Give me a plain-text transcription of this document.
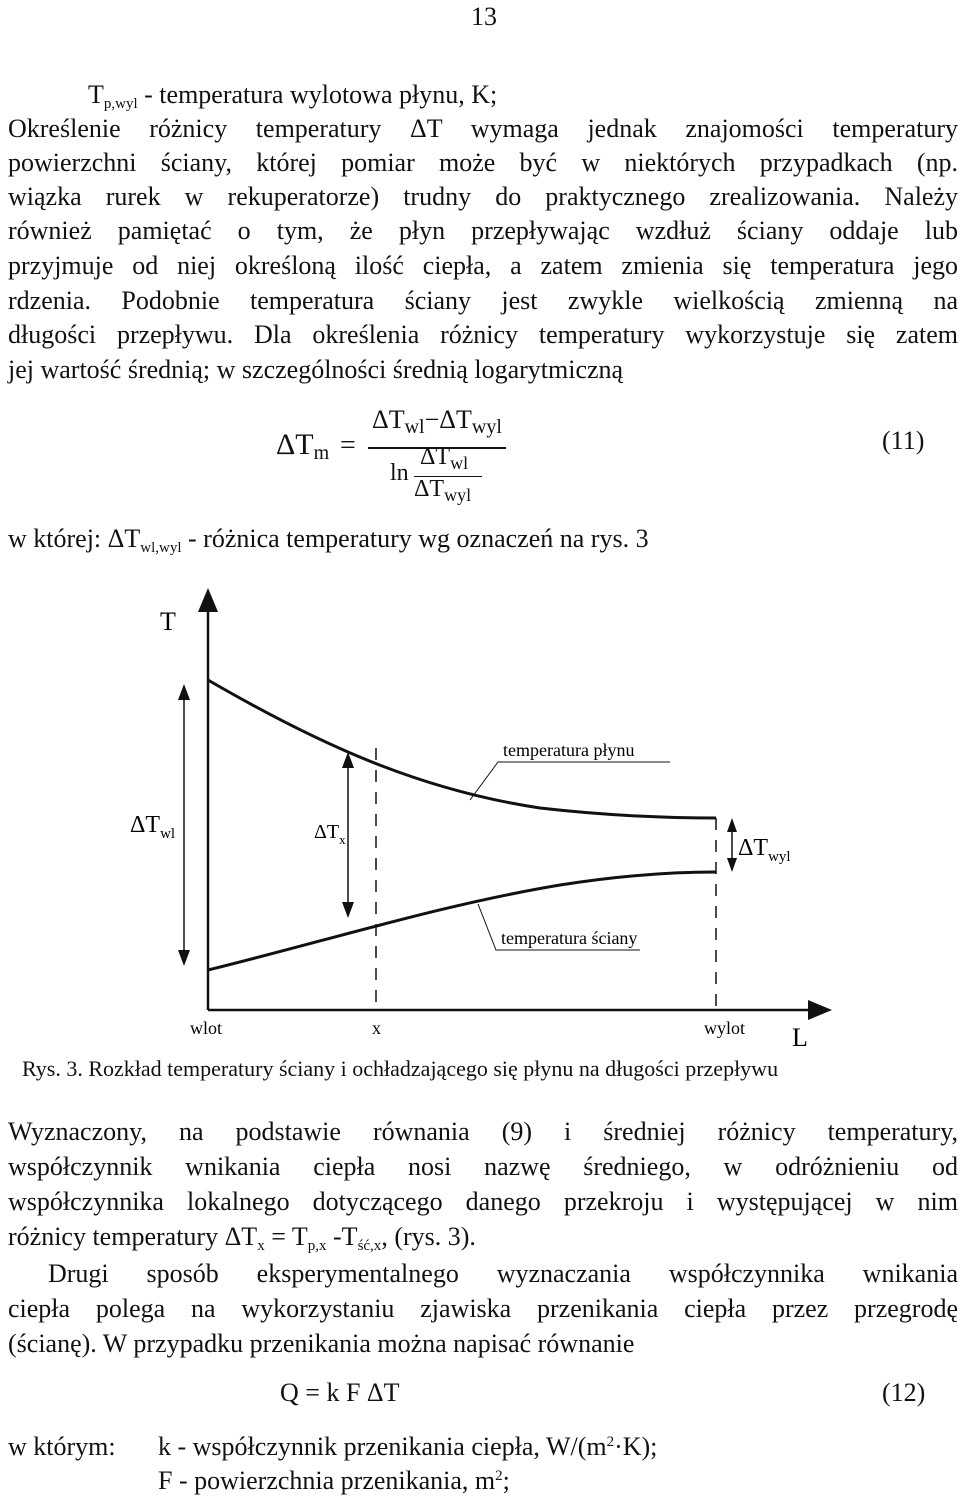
13
$T_{p,wyl}$ - temperatura wylotowa płynu, K;
Określenie różnicy temperatury ΔT wymaga jednak znajomości temperatury
powierzchni ściany, której pomiar może być w niektórych przypadkach (np.
wiązka rurek w rekuperatorze) trudny do praktycznego zrealizowania. Należy
również pamiętać o tym, że płyn przepływając wzdłuż ściany oddaje lub
przyjmuje od niej określoną ilość ciepła, a zatem zmienia się temperatura jego
rdzenia. Podobnie temperatura ściany jest zwykle wielkością zmienną na
długości przepływu. Dla określenia różnicy temperatury wykorzystuje się zatem
jej wartość średnią; w szczególności średnią logarytmiczną
$\Delta T_m$ =
$\Delta T_{wl}-\Delta T_{wyl}$
ln
$\Delta T_{wl}$
$\Delta T_{wyl}$
(11)
w której: $\Delta T_{wl,wyl}$ - różnica temperatury wg oznaczeń na rys. 3
T
L
temperatura płynu
temperatura ściany
$\Delta T_{wl}$	$\Delta T_x$	$\Delta T_{wyl}$
wlot	x	wylot
Rys. 3. Rozkład temperatury ściany i ochładzającego się płynu na długości przepływu
Wyznaczony, na podstawie równania (9) i średniej różnicy temperatury,
współczynnik wnikania ciepła nosi nazwę średniego, w odróżnieniu od
współczynnika lokalnego dotyczącego danego przekroju i występującej w nim
różnicy temperatury $\Delta T_x = T_{p,x}$ $-T_{ść,x}$, (rys. 3).
Drugi sposób eksperymentalnego wyznaczania współczynnika wnikania
ciepła polega na wykorzystaniu zjawiska przenikania ciepła przez przegrodę
(ścianę). W przypadku przenikania można napisać równanie
Q = k F ΔT	(12)
w którym: k - współczynnik przenikania ciepła, $W/(m^2\cdot K)$;
F - powierzchnia przenikania, $m^2$;
